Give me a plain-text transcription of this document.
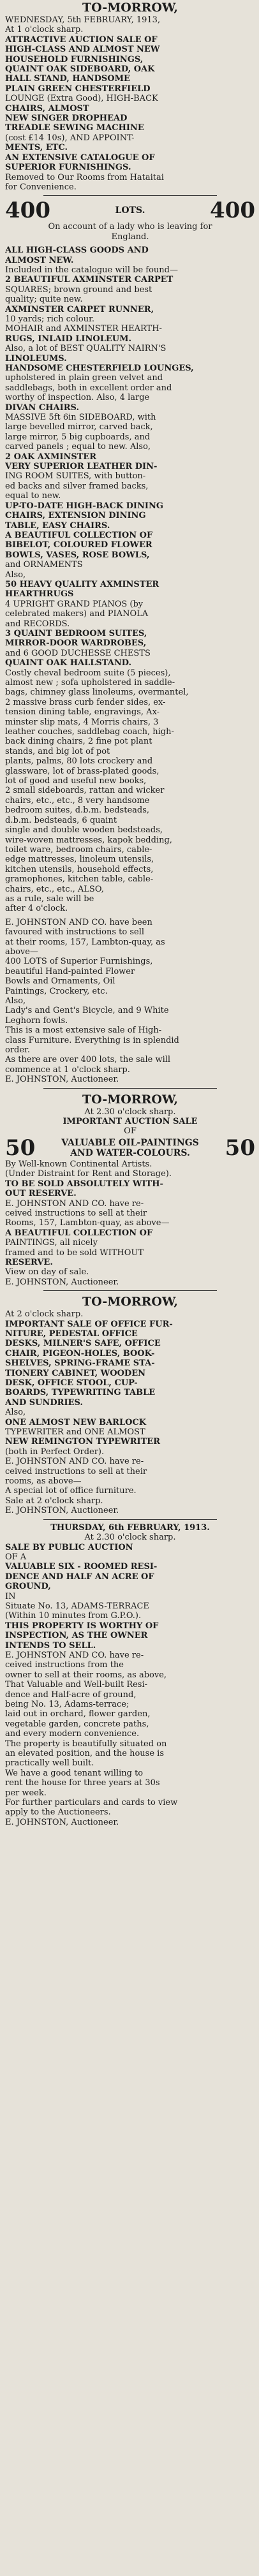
TO-MORROW,
WEDNESDAY, 5th FEBRUARY, 1913,
At 1 o'clock sharp.
ATTRACTIVE AUCTION SALE OF
HIGH-CLASS AND ALMOST NEW
HOUSEHOLD FURNISHINGS,
QUAINT OAK SIDEBOARD, OAK
HALL STAND, HANDSOME
PLAIN GREEN CHESTERFIELD
LOUNGE (Extra Good), HIGH-BACK
CHAIRS, ALMOST
NEW SINGER DROPHEAD
TREADLE SEWING MACHINE
(cost £14 10s), AND APPOINT-
MENTS, ETC.
AN EXTENSIVE CATALOGUE OF
SUPERIOR FURNISHINGS.
Removed to Our Rooms from Hataitai
for Convenience.
400	LOTS.	400
On account of a lady who is leaving for
England.
ALL HIGH-CLASS GOODS AND
ALMOST NEW.
Included in the catalogue will be found—
2 BEAUTIFUL AXMINSTER CARPET
SQUARES; brown ground and best
quality; quite new.
AXMINSTER CARPET RUNNER,
10 yards; rich colour.
MOHAIR and AXMINSTER HEARTH-
RUGS, INLAID LINOLEUM.
Also, a lot of BEST QUALITY NAIRN'S
LINOLEUMS.
HANDSOME CHESTERFIELD LOUNGES,
upholstered in plain green velvet and
saddlebags, both in excellent order and
worthy of inspection. Also, 4 large
DIVAN CHAIRS.
MASSIVE 5ft 6in SIDEBOARD, with
large bevelled mirror, carved back,
large mirror, 5 big cupboards, and
carved panels ; equal to new. Also,
2 OAK AXMINSTER
VERY SUPERIOR LEATHER DIN-
ING ROOM SUITES, with button-
ed backs and silver framed backs,
equal to new.
UP-TO-DATE HIGH-BACK DINING
CHAIRS, EXTENSION DINING
TABLE, EASY CHAIRS.
A BEAUTIFUL COLLECTION OF
BIBELOT, COLOURED FLOWER
BOWLS, VASES, ROSE BOWLS,
and ORNAMENTS
Also,
50 HEAVY QUALITY AXMINSTER
HEARTHRUGS
4 UPRIGHT GRAND PIANOS (by
celebrated makers) and PIANOLA
and RECORDS.
3 QUAINT BEDROOM SUITES,
MIRROR-DOOR WARDROBES,
and 6 GOOD DUCHESSE CHESTS
QUAINT OAK HALLSTAND.
Costly cheval bedroom suite (5 pieces),
almost new ; sofa upholstered in saddle-
bags, chimney glass linoleums, overmantel,
2 massive brass curb fender sides, ex-
tension dining table, engravings, Ax-
minster slip mats, 4 Morris chairs, 3
leather couches, saddlebag coach, high-
back dining chairs, 2 fine pot plant
stands, and big lot of pot
plants, palms, 80 lots crockery and
glassware, lot of brass-plated goods,
lot of good and useful new books,
2 small sideboards, rattan and wicker
chairs, etc., etc., 8 very handsome
bedroom suites, d.b.m. bedsteads,
d.b.m. bedsteads, 6 quaint
single and double wooden bedsteads,
wire-woven mattresses, kapok bedding,
toilet ware, bedroom chairs, cable-
edge mattresses, linoleum utensils,
kitchen utensils, household effects,
gramophones, kitchen table, cable-
chairs, etc., etc., ALSO,
as a rule, sale will be
after 4 o'clock.
E. JOHNSTON AND CO. have been
favoured with instructions to sell
at their rooms, 157, Lambton-quay, as
above—
400 LOTS of Superior Furnishings,
beautiful Hand-painted Flower
Bowls and Ornaments, Oil
Paintings, Crockery, etc.
Also,
Lady's and Gent's Bicycle, and 9 White
Leghorn fowls.
This is a most extensive sale of High-
class Furniture. Everything is in splendid
order.
As there are over 400 lots, the sale will
commence at 1 o'clock sharp.
E. JOHNSTON, Auctioneer.
TO-MORROW,
At 2.30 o'clock sharp.
IMPORTANT AUCTION SALE
OF
50	VALUABLE OIL-PAINTINGS
AND WATER-COLOURS.	50
By Well-known Continental Artists.
(Under Distraint for Rent and Storage).
TO BE SOLD ABSOLUTELY WITH-
OUT RESERVE.
E. JOHNSTON AND CO. have re-
ceived instructions to sell at their
Rooms, 157, Lambton-quay, as above—
A BEAUTIFUL COLLECTION OF
PAINTINGS, all nicely
framed and to be sold WITHOUT
RESERVE.
View on day of sale.
E. JOHNSTON, Auctioneer.
TO-MORROW,
At 2 o'clock sharp.
IMPORTANT SALE OF OFFICE FUR-
NITURE, PEDESTAL OFFICE
DESKS, MILNER'S SAFE, OFFICE
CHAIR, PIGEON-HOLES, BOOK-
SHELVES, SPRING-FRAME STA-
TIONERY CABINET, WOODEN
DESK, OFFICE STOOL, CUP-
BOARDS, TYPEWRITING TABLE
AND SUNDRIES.
Also,
ONE ALMOST NEW BARLOCK
TYPEWRITER and ONE ALMOST
NEW REMINGTON TYPEWRITER
(both in Perfect Order).
E. JOHNSTON AND CO. have re-
ceived instructions to sell at their
rooms, as above—
A special lot of office furniture.
Sale at 2 o'clock sharp.
E. JOHNSTON, Auctioneer.
THURSDAY, 6th FEBRUARY, 1913.
At 2.30 o'clock sharp.
SALE BY PUBLIC AUCTION
OF A
VALUABLE SIX - ROOMED RESI-
DENCE AND HALF AN ACRE OF
GROUND,
IN
Situate No. 13, ADAMS-TERRACE
(Within 10 minutes from G.P.O.).
THIS PROPERTY IS WORTHY OF
INSPECTION, AS THE OWNER
INTENDS TO SELL.
E. JOHNSTON AND CO. have re-
ceived instructions from the
owner to sell at their rooms, as above,
That Valuable and Well-built Resi-
dence and Half-acre of ground,
being No. 13, Adams-terrace;
laid out in orchard, flower garden,
vegetable garden, concrete paths,
and every modern convenience.
The property is beautifully situated on
an elevated position, and the house is
practically well built.
We have a good tenant willing to
rent the house for three years at 30s
per week.
For further particulars and cards to view
apply to the Auctioneers.
E. JOHNSTON, Auctioneer.
